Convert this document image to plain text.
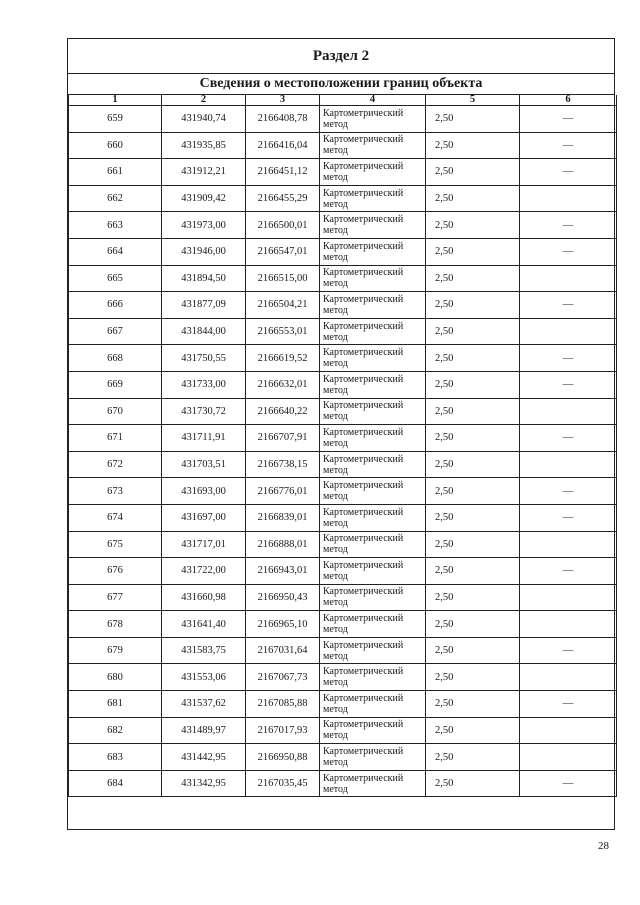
Раздел 2
Сведения о местоположении границ объекта
1	2	3	4	5	6
659	431940,74	2166408,78	Картометрический метод	2,50	—
660	431935,85	2166416,04	Картометрический метод	2,50	—
661	431912,21	2166451,12	Картометрический метод	2,50	—
662	431909,42	2166455,29	Картометрический метод	2,50	
663	431973,00	2166500,01	Картометрический метод	2,50	—
664	431946,00	2166547,01	Картометрический метод	2,50	—
665	431894,50	2166515,00	Картометрический метод	2,50	
666	431877,09	2166504,21	Картометрический метод	2,50	—
667	431844,00	2166553,01	Картометрический метод	2,50	
668	431750,55	2166619,52	Картометрический метод	2,50	—
669	431733,00	2166632,01	Картометрический метод	2,50	—
670	431730,72	2166640,22	Картометрический метод	2,50	
671	431711,91	2166707,91	Картометрический метод	2,50	—
672	431703,51	2166738,15	Картометрический метод	2,50	
673	431693,00	2166776,01	Картометрический метод	2,50	—
674	431697,00	2166839,01	Картометрический метод	2,50	—
675	431717,01	2166888,01	Картометрический метод	2,50	
676	431722,00	2166943,01	Картометрический метод	2,50	—
677	431660,98	2166950,43	Картометрический метод	2,50	
678	431641,40	2166965,10	Картометрический метод	2,50	
679	431583,75	2167031,64	Картометрический метод	2,50	—
680	431553,06	2167067,73	Картометрический метод	2,50	
681	431537,62	2167085,88	Картометрический метод	2,50	—
682	431489,97	2167017,93	Картометрический метод	2,50	
683	431442,95	2166950,88	Картометрический метод	2,50	
684	431342,95	2167035,45	Картометрический метод	2,50	—
28
